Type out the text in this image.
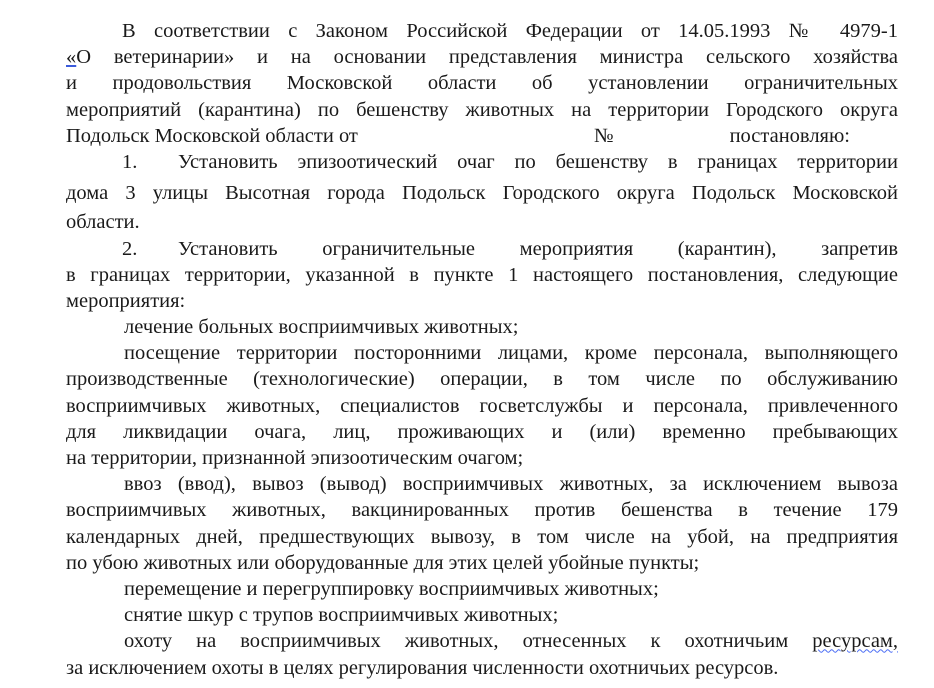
В соответствии с Законом Российской Федерации от 14.05.1993 № 4979-1
«О ветеринарии» и на основании представления министра сельского хозяйства
и продовольствия Московской области об установлении ограничительных
мероприятий (карантина) по бешенству животных на территории Городского округа
Подольск Московской области от	№	постановляю:
1. Установить эпизоотический очаг по бешенству в границах территории
дома 3 улицы Высотная города Подольск Городского округа Подольск Московской
области.
2. Установить ограничительные мероприятия (карантин), запретив
в границах территории, указанной в пункте 1 настоящего постановления, следующие
мероприятия:
лечение больных восприимчивых животных;
посещение территории посторонними лицами, кроме персонала, выполняющего
производственные (технологические) операции, в том числе по обслуживанию
восприимчивых животных, специалистов госветслужбы и персонала, привлеченного
для ликвидации очага, лиц, проживающих и (или) временно пребывающих
на территории, признанной эпизоотическим очагом;
ввоз (ввод), вывоз (вывод) восприимчивых животных, за исключением вывоза
восприимчивых животных, вакцинированных против бешенства в течение 179
календарных дней, предшествующих вывозу, в том числе на убой, на предприятия
по убою животных или оборудованные для этих целей убойные пункты;
перемещение и перегруппировку восприимчивых животных;
снятие шкур с трупов восприимчивых животных;
охоту на восприимчивых животных, отнесенных к охотничьим ресурсам,
за исключением охоты в целях регулирования численности охотничьих ресурсов.
